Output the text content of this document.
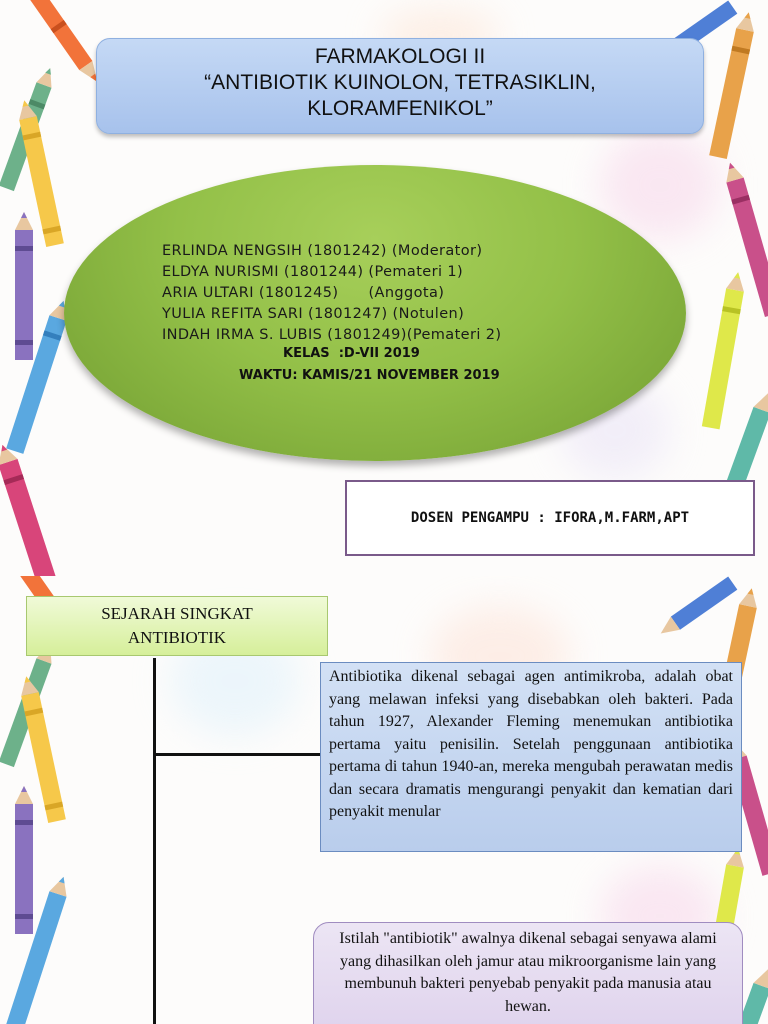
FARMAKOLOGI II
“ANTIBIOTIK KUINOLON, TETRASIKLIN,
KLORAMFENIKOL”
ERLINDA NENGSIH (1801242) (Moderator)
ELDYA NURISMI (1801244) (Pemateri 1)
ARIA ULTARI (1801245)      (Anggota)
YULIA REFITA SARI (1801247) (Notulen)
INDAH IRMA S. LUBIS (1801249)(Pemateri 2)
KELAS  :D-VII 2019
WAKTU: KAMIS/21 NOVEMBER 2019
DOSEN PENGAMPU : IFORA,M.FARM,APT
SEJARAH SINGKAT
ANTIBIOTIK
Antibiotika dikenal sebagai agen antimikroba, adalah obat yang melawan infeksi yang disebabkan oleh bakteri. Pada tahun 1927, Alexander Fleming menemukan antibiotika pertama yaitu penisilin. Setelah penggunaan antibiotika pertama di tahun 1940-an, mereka mengubah perawatan medis dan secara dramatis mengurangi penyakit dan kematian dari penyakit menular
Istilah "antibiotik" awalnya dikenal sebagai senyawa alami yang dihasilkan oleh jamur atau mikroorganisme lain yang membunuh bakteri penyebab penyakit pada manusia atau hewan.
